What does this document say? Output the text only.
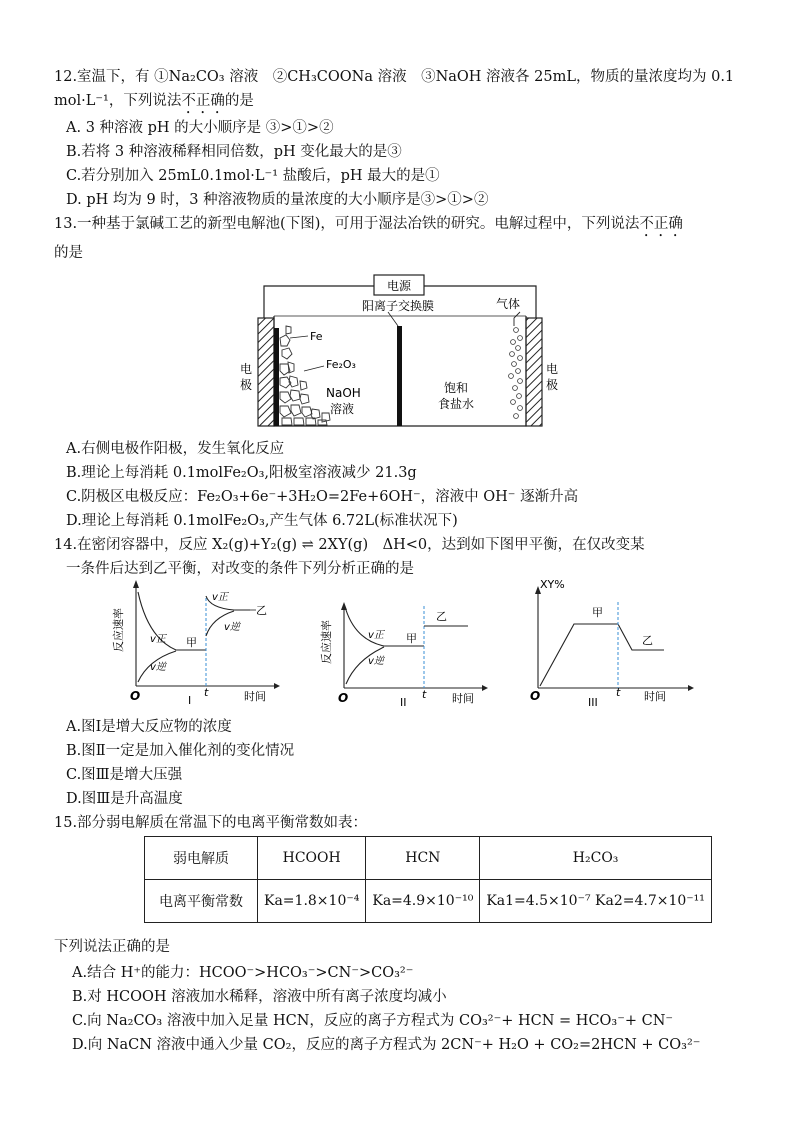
12.室温下，有 ①Na₂CO₃ 溶液　②CH₃COONa 溶液　③NaOH 溶液各 25mL，物质的量浓度均为 0.1
mol·L⁻¹，下列说法不正确的是
A. 3 种溶液 pH 的大小顺序是 ③>①>②
B.若将 3 种溶液稀释相同倍数，pH 变化最大的是③
C.若分别加入 25mL0.1mol·L⁻¹ 盐酸后，pH 最大的是①
D. pH 均为 9 时，3 种溶液物质的量浓度的大小顺序是③>①>②
13.一种基于氯碱工艺的新型电解池(下图)，可用于湿法冶铁的研究。电解过程中，下列说法不正确
的是
电源
气体
阳离子交换膜
Fe
Fe₂O₃
NaOH
溶液
饱和
食盐水
电
极
电
极
A.右侧电极作阳极，发生氧化反应
B.理论上每消耗 0.1molFe₂O₃,阳极室溶液减少 21.3g
C.阴极区电极反应：Fe₂O₃+6e⁻+3H₂O=2Fe+6OH⁻，溶液中 OH⁻ 逐渐升高
D.理论上每消耗 0.1molFe₂O₃,产生气体 6.72L(标准状况下)
14.在密闭容器中，反应 X₂(g)+Y₂(g) ⇌ 2XY(g)　ΔH<0，达到如下图甲平衡，在仅改变某
一条件后达到乙平衡，对改变的条件下列分析正确的是
反应速率
O	t	时间
I
v正
v逆
v正
v逆
甲
乙
反应速率
O	t 时间
II
v正
v逆
甲
乙
XY%
O	t 时间
III
甲
乙
A.图Ⅰ是增大反应物的浓度
B.图Ⅱ一定是加入催化剂的变化情况
C.图Ⅲ是增大压强
D.图Ⅲ是升高温度
15.部分弱电解质在常温下的电离平衡常数如表：
弱电解质	HCOOH	HCN	H₂CO₃
电离平衡常数	Ka=1.8×10⁻⁴	Ka=4.9×10⁻¹⁰	Ka1=4.5×10⁻⁷ Ka2=4.7×10⁻¹¹
下列说法正确的是
A.结合 H⁺的能力：HCOO⁻>HCO₃⁻>CN⁻>CO₃²⁻
B.对 HCOOH 溶液加水稀释，溶液中所有离子浓度均减小
C.向 Na₂CO₃ 溶液中加入足量 HCN，反应的离子方程式为 CO₃²⁻+ HCN = HCO₃⁻+ CN⁻
D.向 NaCN 溶液中通入少量 CO₂，反应的离子方程式为 2CN⁻+ H₂O + CO₂=2HCN + CO₃²⁻
